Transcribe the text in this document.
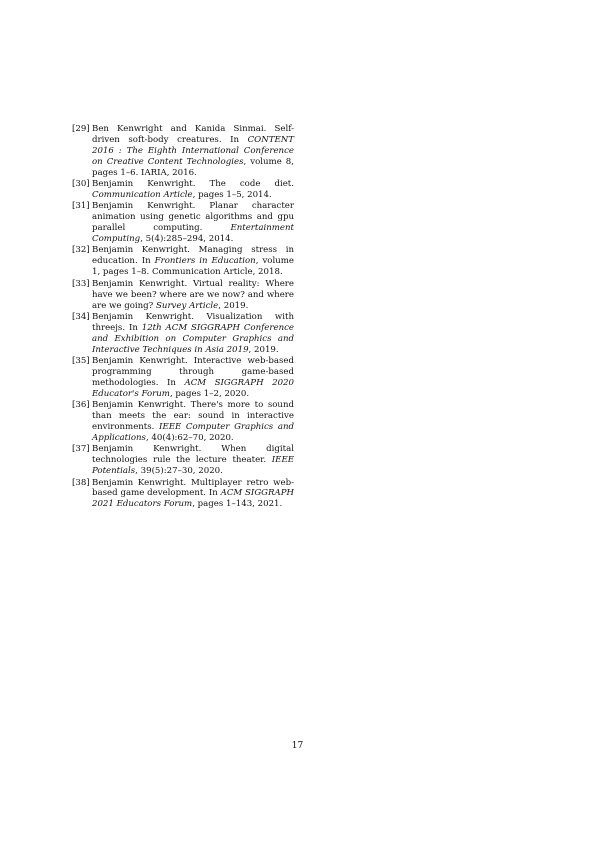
[29] Ben Kenwright and Kanida Sinmai. Self-driven soft-body creatures. In CONTENT 2016 : The Eighth International Conference on Creative Content Technologies, volume 8, pages 1–6. IARIA, 2016.
[30] Benjamin Kenwright. The code diet. Communication Article, pages 1–5, 2014.
[31] Benjamin Kenwright. Planar character animation using genetic algorithms and gpu parallel computing. Entertainment Computing, 5(4):285–294, 2014.
[32] Benjamin Kenwright. Managing stress in education. In Frontiers in Education, volume 1, pages 1–8. Communication Article, 2018.
[33] Benjamin Kenwright. Virtual reality: Where have we been? where are we now? and where are we going? Survey Article, 2019.
[34] Benjamin Kenwright. Visualization with threejs. In 12th ACM SIGGRAPH Conference and Exhibition on Computer Graphics and Interactive Techniques in Asia 2019, 2019.
[35] Benjamin Kenwright. Interactive web-based programming through game-based methodologies. In ACM SIGGRAPH 2020 Educator's Forum, pages 1–2, 2020.
[36] Benjamin Kenwright. There's more to sound than meets the ear: sound in interactive environments. IEEE Computer Graphics and Applications, 40(4):62–70, 2020.
[37] Benjamin Kenwright. When digital technologies rule the lecture theater. IEEE Potentials, 39(5):27–30, 2020.
[38] Benjamin Kenwright. Multiplayer retro web-based game development. In ACM SIGGRAPH 2021 Educators Forum, pages 1–143, 2021.
17
